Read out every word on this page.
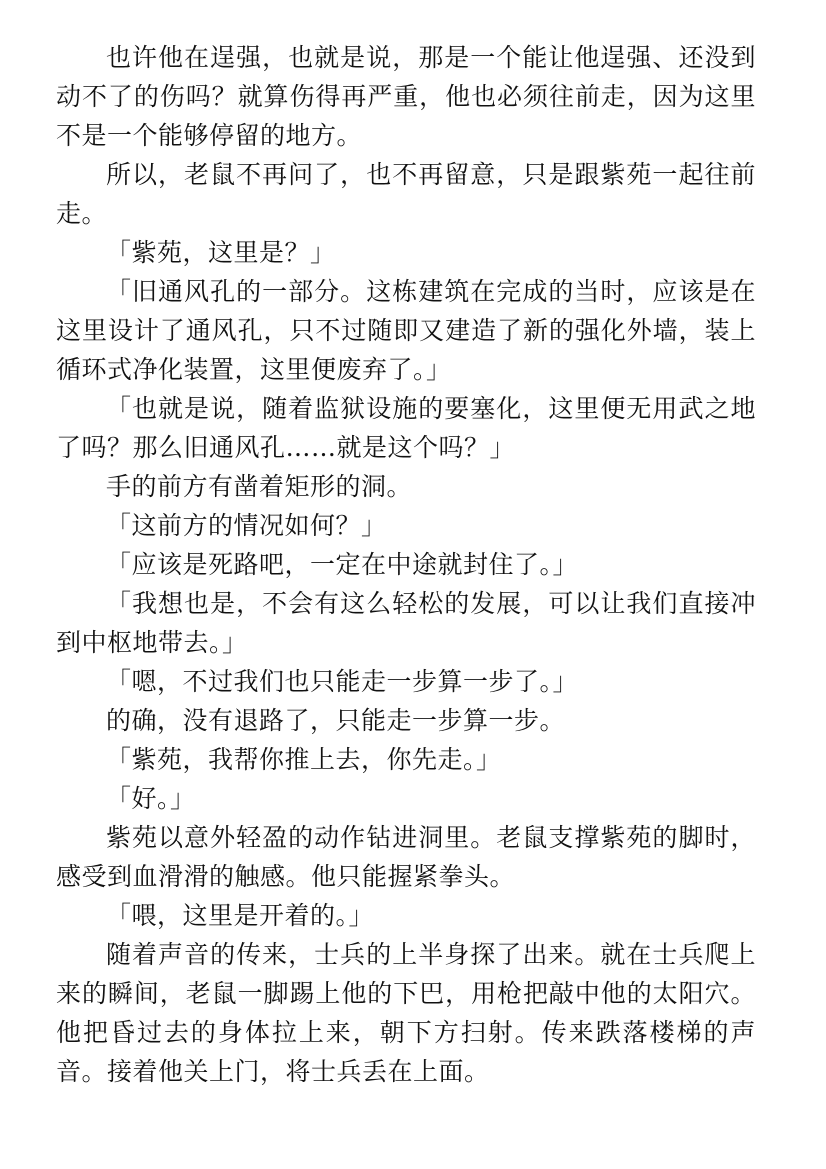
也许他在逞强，也就是说，那是一个能让他逞强、还没到动不了的伤吗？就算伤得再严重，他也必须往前走，因为这里不是一个能够停留的地方。

所以，老鼠不再问了，也不再留意，只是跟紫苑一起往前走。

「紫苑，这里是？」

「旧通风孔的一部分。这栋建筑在完成的当时，应该是在这里设计了通风孔，只不过随即又建造了新的强化外墙，装上循环式净化装置，这里便废弃了。」

「也就是说，随着监狱设施的要塞化，这里便无用武之地了吗？那么旧通风孔……就是这个吗？」

手的前方有凿着矩形的洞。

「这前方的情况如何？」

「应该是死路吧，一定在中途就封住了。」

「我想也是，不会有这么轻松的发展，可以让我们直接冲到中枢地带去。」

「嗯，不过我们也只能走一步算一步了。」

的确，没有退路了，只能走一步算一步。

「紫苑，我帮你推上去，你先走。」

「好。」

紫苑以意外轻盈的动作钻进洞里。老鼠支撑紫苑的脚时，感受到血滑滑的触感。他只能握紧拳头。

「喂，这里是开着的。」

随着声音的传来，士兵的上半身探了出来。就在士兵爬上来的瞬间，老鼠一脚踢上他的下巴，用枪把敲中他的太阳穴。他把昏过去的身体拉上来，朝下方扫射。传来跌落楼梯的声音。接着他关上门，将士兵丢在上面。
